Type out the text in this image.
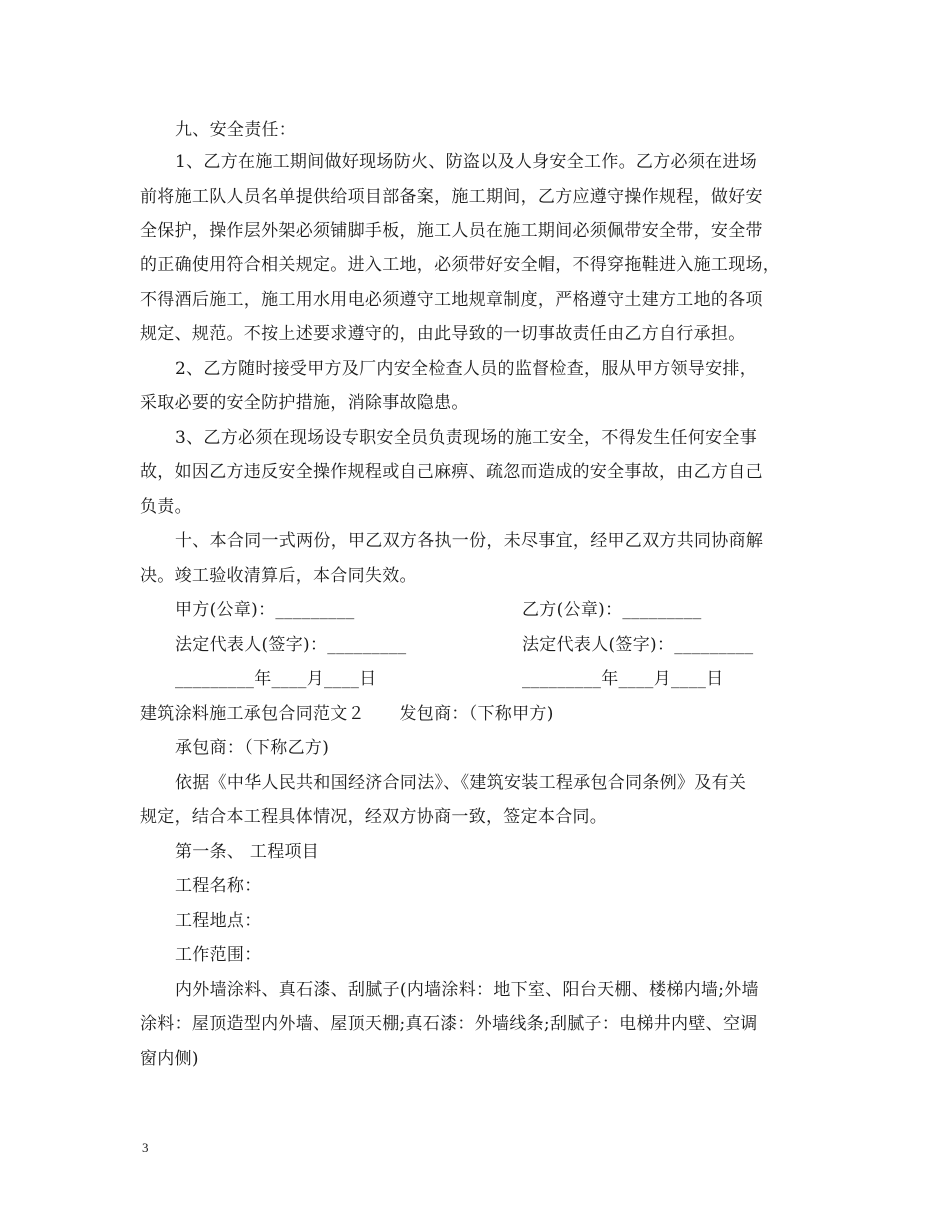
九、安全责任：
1、乙方在施工期间做好现场防火、防盗以及人身安全工作。乙方必须在进场
前将施工队人员名单提供给项目部备案，施工期间，乙方应遵守操作规程，做好安
全保护，操作层外架必须铺脚手板，施工人员在施工期间必须佩带安全带，安全带
的正确使用符合相关规定。进入工地，必须带好安全帽，不得穿拖鞋进入施工现场，
不得酒后施工，施工用水用电必须遵守工地规章制度，严格遵守土建方工地的各项
规定、规范。不按上述要求遵守的，由此导致的一切事故责任由乙方自行承担。
2、乙方随时接受甲方及厂内安全检查人员的监督检查，服从甲方领导安排，
采取必要的安全防护措施，消除事故隐患。
3、乙方必须在现场设专职安全员负责现场的施工安全，不得发生任何安全事
故，如因乙方违反安全操作规程或自己麻痹、疏忽而造成的安全事故，由乙方自己
负责。
十、本合同一式两份，甲乙双方各执一份，未尽事宜，经甲乙双方共同协商解
决。竣工验收清算后，本合同失效。
甲方(公章)：_________	乙方(公章)：_________
法定代表人(签字)：_________	法定代表人(签字)：_________
_________年____月____日	_________年____月____日
建筑涂料施工承包合同范文２　　发包商：（下称甲方)
承包商：（下称乙方)
依据《中华人民共和国经济合同法》、《建筑安装工程承包合同条例》及有关
规定，结合本工程具体情况，经双方协商一致，签定本合同。
第一条、 工程项目
工程名称：
工程地点：
工作范围：
内外墙涂料、真石漆、刮腻子(内墙涂料：地下室、阳台天棚、楼梯内墙;外墙
涂料：屋顶造型内外墙、屋顶天棚;真石漆：外墙线条;刮腻子：电梯井内壁、空调
窗内侧)
3
